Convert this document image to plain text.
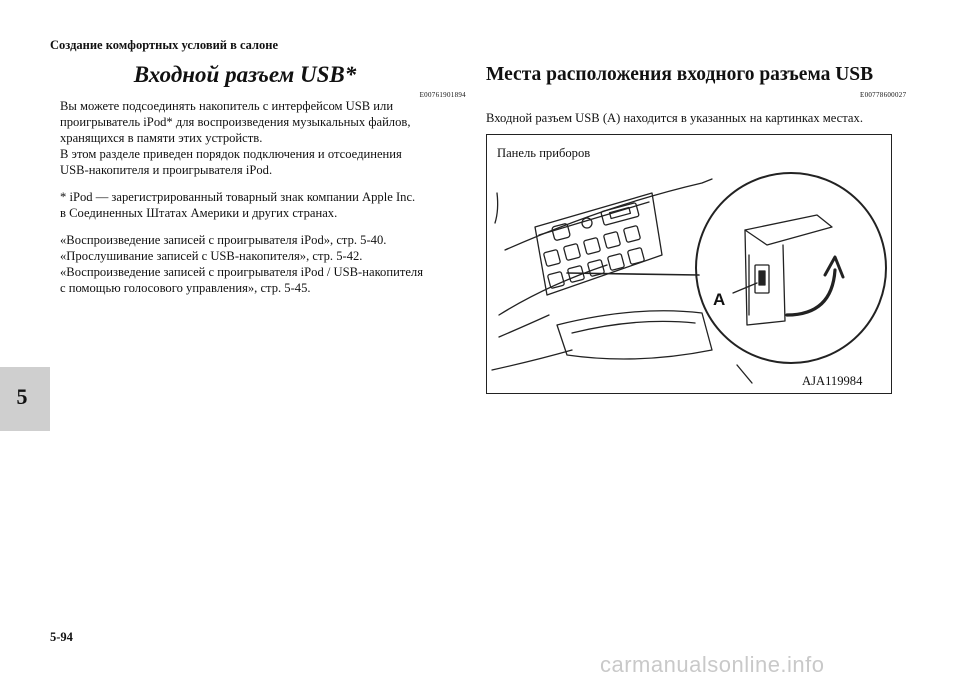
Создание комфортных условий в салоне
5
Входной разъем USB*
E00761901894

Вы можете подсоединять накопитель с интерфейсом USB или
проигрыватель iPod* для воспроизведения музыкальных файлов,
хранящихся в памяти этих устройств.
В этом разделе приведен порядок подключения и отсоединения
USB-накопителя и проигрывателя iPod.

* iPod — зарегистрированный товарный знак компании Apple Inc.
в Соединенных Штатах Америки и других странах.

«Воспроизведение записей с проигрывателя iPod», стр. 5-40.
«Прослушивание записей с USB-накопителя», стр. 5-42.
«Воспроизведение записей с проигрывателя iPod / USB-накопителя
с помощью голосового управления», стр. 5-45.

Места расположения входного разъема USB
E00778600027
Входной разъем USB (A) находится в указанных на картинках местах.
Панель приборов
A
AJA119984
5-94
carmanualsonline.info
